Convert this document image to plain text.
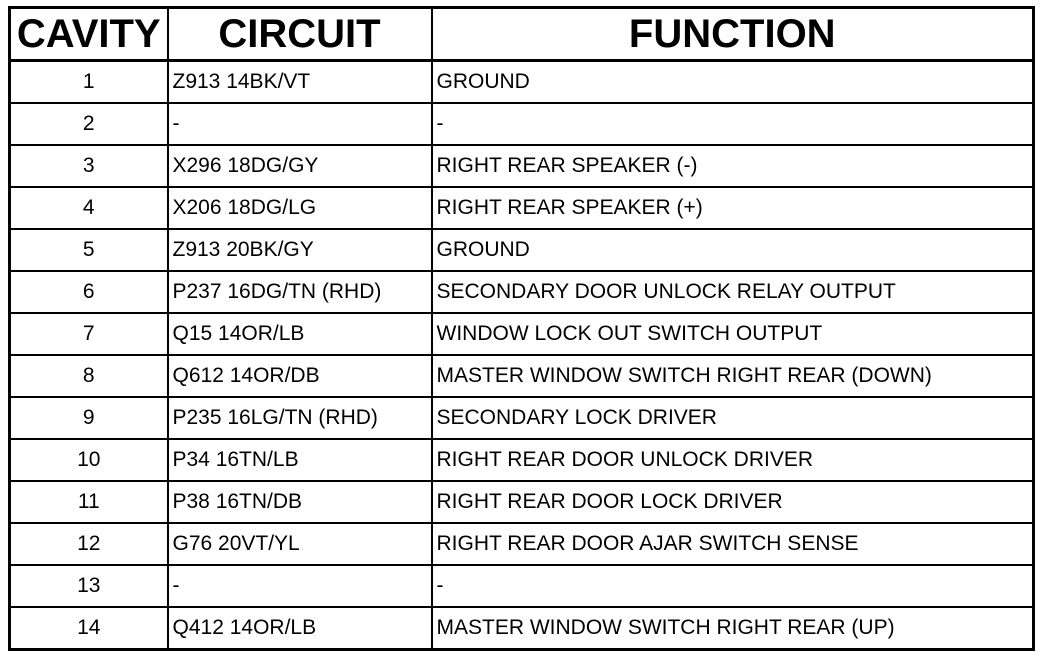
CAVITY	CIRCUIT	FUNCTION
1	Z913 14BK/VT	GROUND
2	-	-
3	X296 18DG/GY	RIGHT REAR SPEAKER (-)
4	X206 18DG/LG	RIGHT REAR SPEAKER (+)
5	Z913 20BK/GY	GROUND
6	P237 16DG/TN (RHD)	SECONDARY DOOR UNLOCK RELAY OUTPUT
7	Q15 14OR/LB	WINDOW LOCK OUT SWITCH OUTPUT
8	Q612 14OR/DB	MASTER WINDOW SWITCH RIGHT REAR (DOWN)
9	P235 16LG/TN (RHD)	SECONDARY LOCK DRIVER
10	P34 16TN/LB	RIGHT REAR DOOR UNLOCK DRIVER
11	P38 16TN/DB	RIGHT REAR DOOR LOCK DRIVER
12	G76 20VT/YL	RIGHT REAR DOOR AJAR SWITCH SENSE
13	-	-
14	Q412 14OR/LB	MASTER WINDOW SWITCH RIGHT REAR (UP)
